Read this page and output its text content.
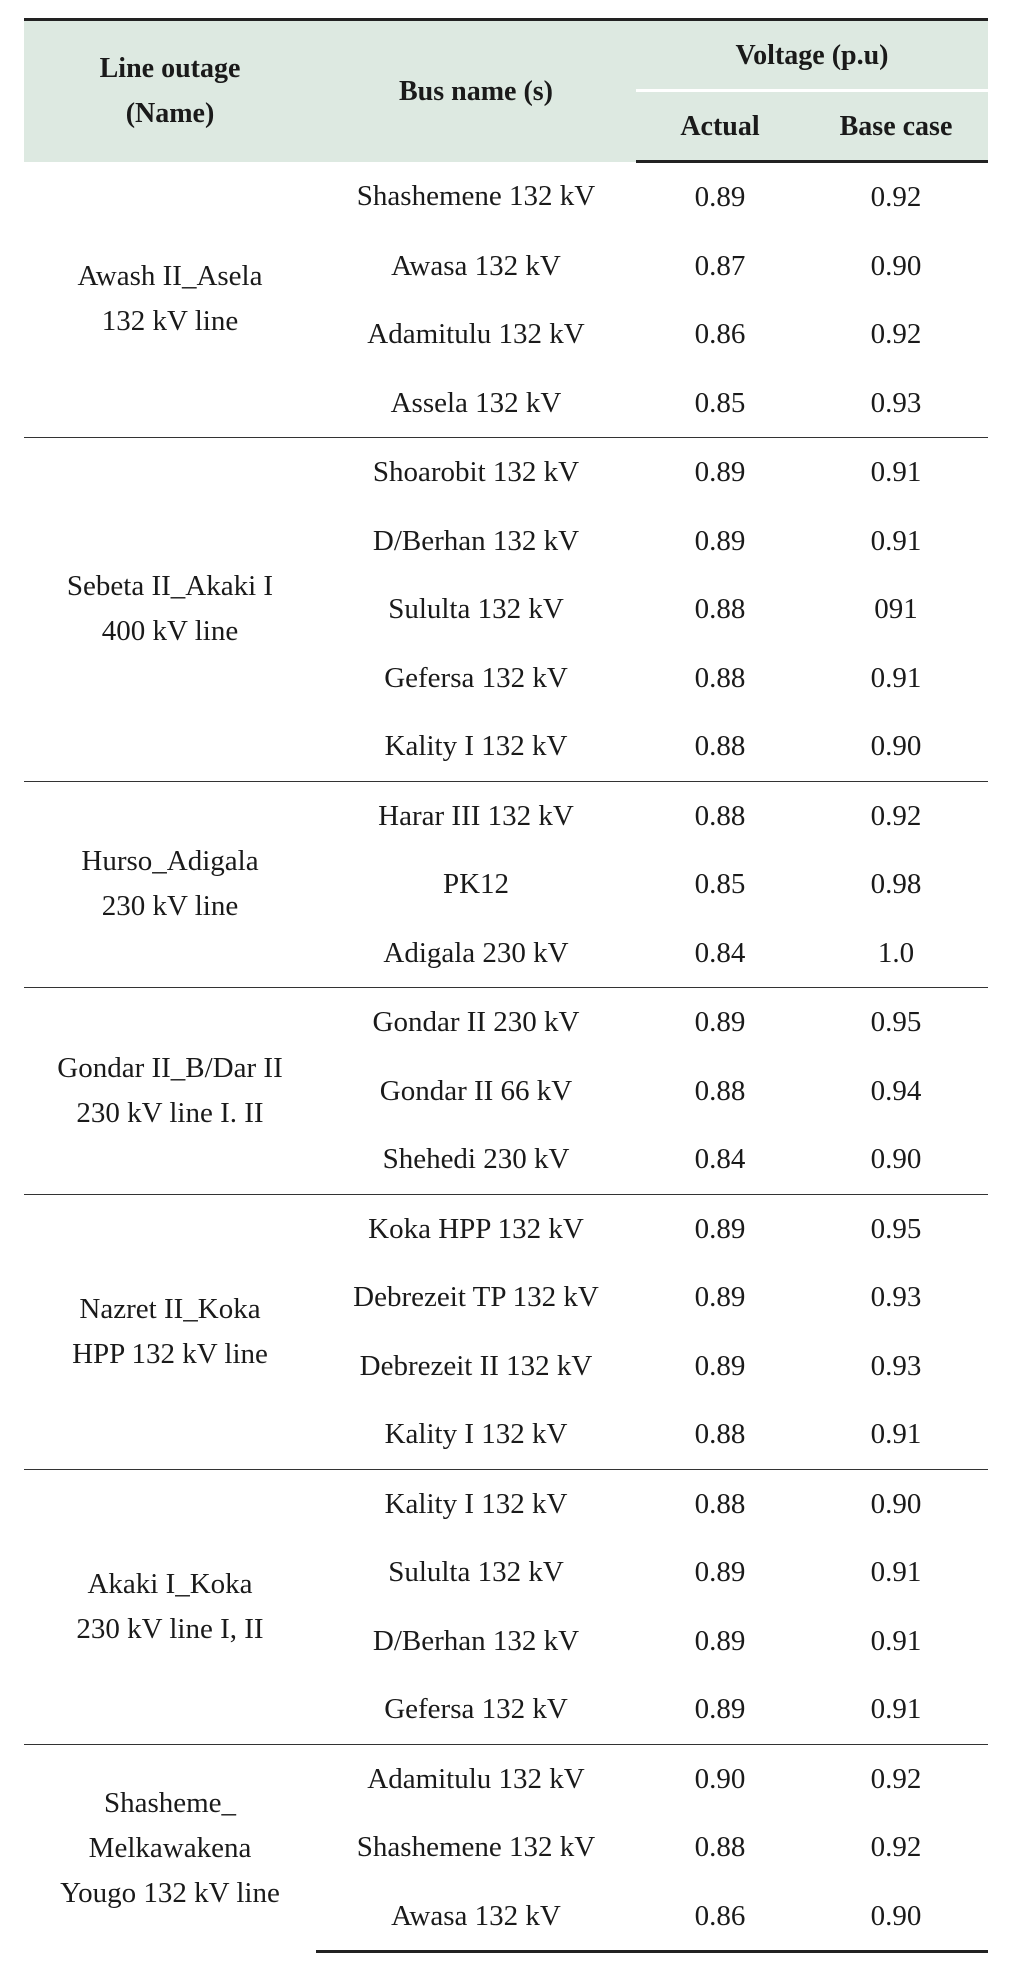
Line outage
(Name)	Bus name (s)	Voltage (p.u)	
		Actual	Base case

Awash II_Asela
132 kV line	Shashemene 132 kV	0.89	0.92
	Awasa 132 kV	0.87	0.90
	Adamitulu 132 kV	0.86	0.92
	Assela 132 kV	0.85	0.93

Sebeta II_Akaki I
400 kV line	Shoarobit 132 kV	0.89	0.91
	D/Berhan 132 kV	0.89	0.91
	Sululta 132 kV	0.88	091
	Gefersa 132 kV	0.88	0.91
	Kality I 132 kV	0.88	0.90

Hurso_Adigala
230 kV line	Harar III 132 kV	0.88	0.92
	PK12	0.85	0.98
	Adigala 230 kV	0.84	1.0

Gondar II_B/Dar II
230 kV line I. II	Gondar II 230 kV	0.89	0.95
	Gondar II 66 kV	0.88	0.94
	Shehedi 230 kV	0.84	0.90

Nazret II_Koka
HPP 132 kV line	Koka HPP 132 kV	0.89	0.95
	Debrezeit TP 132 kV	0.89	0.93
	Debrezeit II 132 kV	0.89	0.93
	Kality I 132 kV	0.88	0.91

Akaki I_Koka
230 kV line I, II	Kality I 132 kV	0.88	0.90
	Sululta 132 kV	0.89	0.91
	D/Berhan 132 kV	0.89	0.91
	Gefersa 132 kV	0.89	0.91

Shasheme_
Melkawakena
Yougo 132 kV line	Adamitulu 132 kV	0.90	0.92
	Shashemene 132 kV	0.88	0.92
	Awasa 132 kV	0.86	0.90
